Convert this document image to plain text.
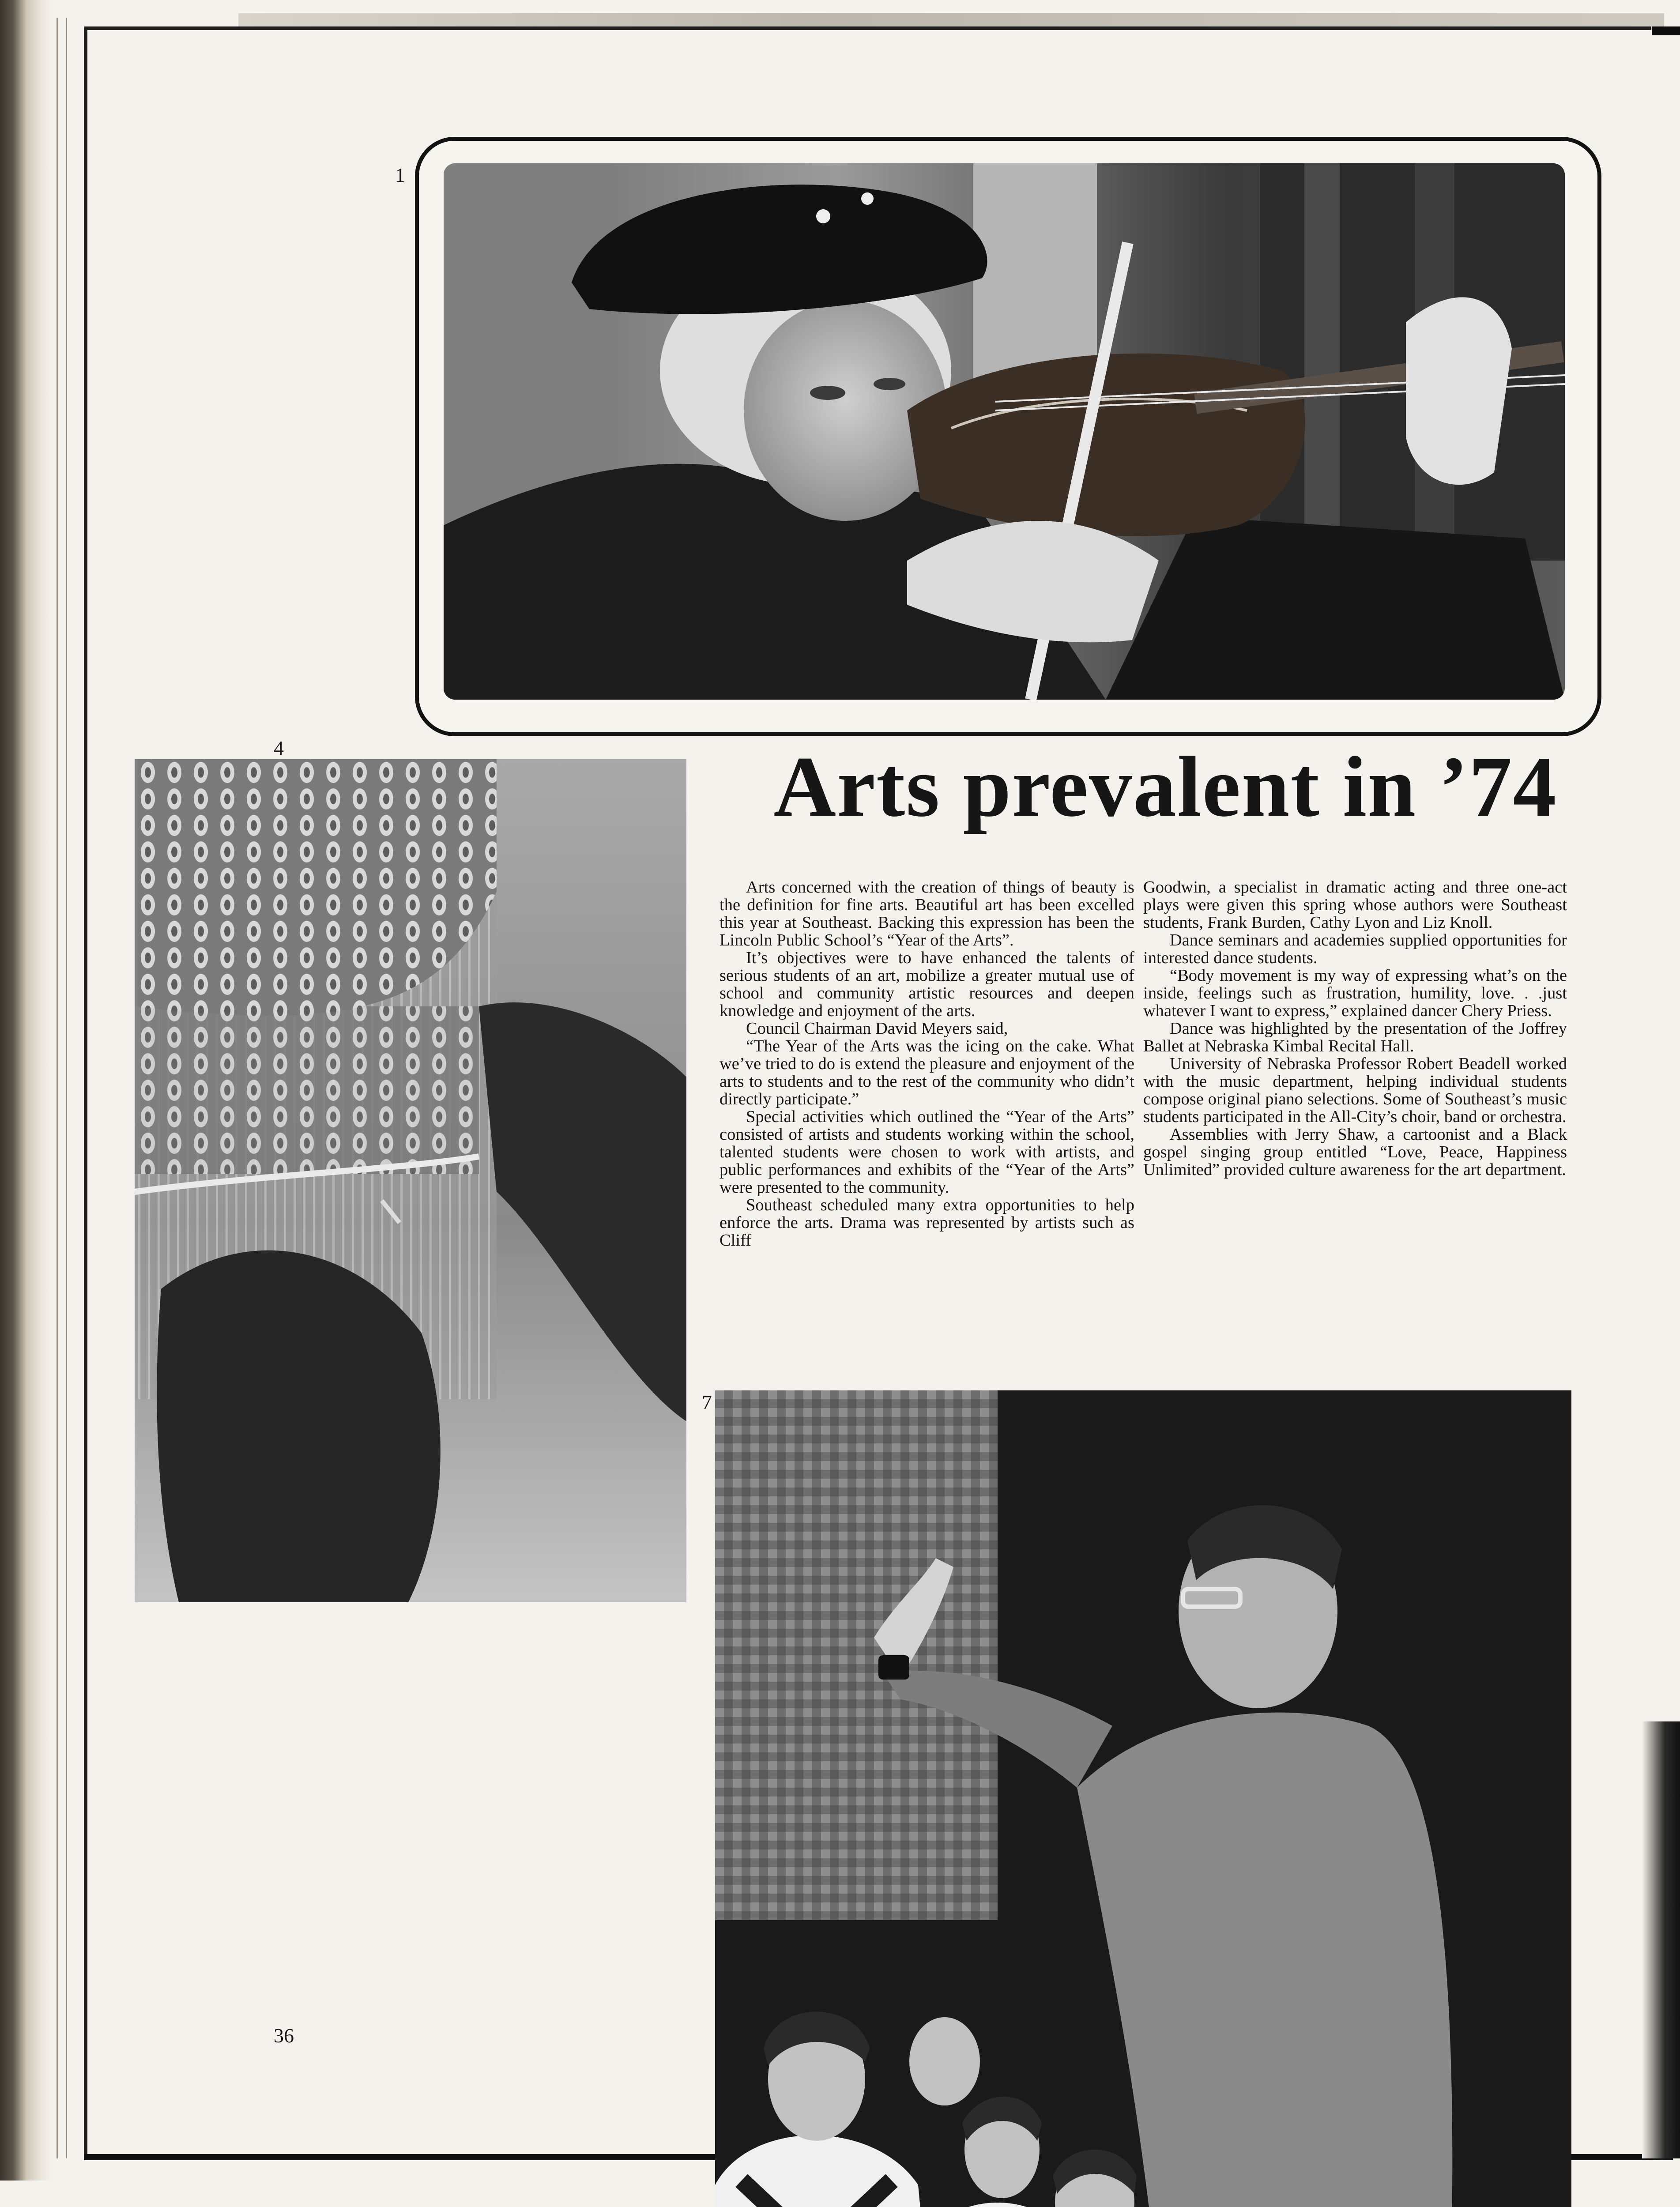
1
4	Arts prevalent in ’74

Arts concerned with the creation of things of beauty is the definition for fine arts. Beautiful art has been excelled this year at Southeast. Backing this expression has been the Lincoln Public School’s “Year of the Arts”.

It’s objectives were to have enhanced the talents of serious students of an art, mobilize a greater mutual use of school and community artistic resources and deepen knowledge and enjoyment of the arts.

Council Chairman David Meyers said,

“The Year of the Arts was the icing on the cake. What we’ve tried to do is extend the pleasure and enjoyment of the arts to students and to the rest of the community who didn’t directly participate.”

Special activities which outlined the “Year of the Arts” consisted of artists and students working within the school, talented students were chosen to work with artists, and public performances and exhibits of the “Year of the Arts” were presented to the community.

Southeast scheduled many extra opportunities to help enforce the arts. Drama was represented by artists such as Cliff

Goodwin, a specialist in dramatic acting and three one-act plays were given this spring whose authors were Southeast students, Frank Burden, Cathy Lyon and Liz Knoll.

Dance seminars and academies supplied opportunities for interested dance students.

“Body movement is my way of expressing what’s on the inside, feelings such as frustration, humility, love. . .just whatever I want to express,” explained dancer Chery Priess.

Dance was highlighted by the presentation of the Joffrey Ballet at Nebraska Kimbal Recital Hall.

University of Nebraska Professor Robert Beadell worked with the music department, helping individual students compose original piano selections. Some of Southeast’s music students participated in the All-City’s choir, band or orchestra.

Assemblies with Jerry Shaw, a cartoonist and a Black gospel singing group entitled “Love, Peace, Happiness Unlimited” provided culture awareness for the art department.

7
36
